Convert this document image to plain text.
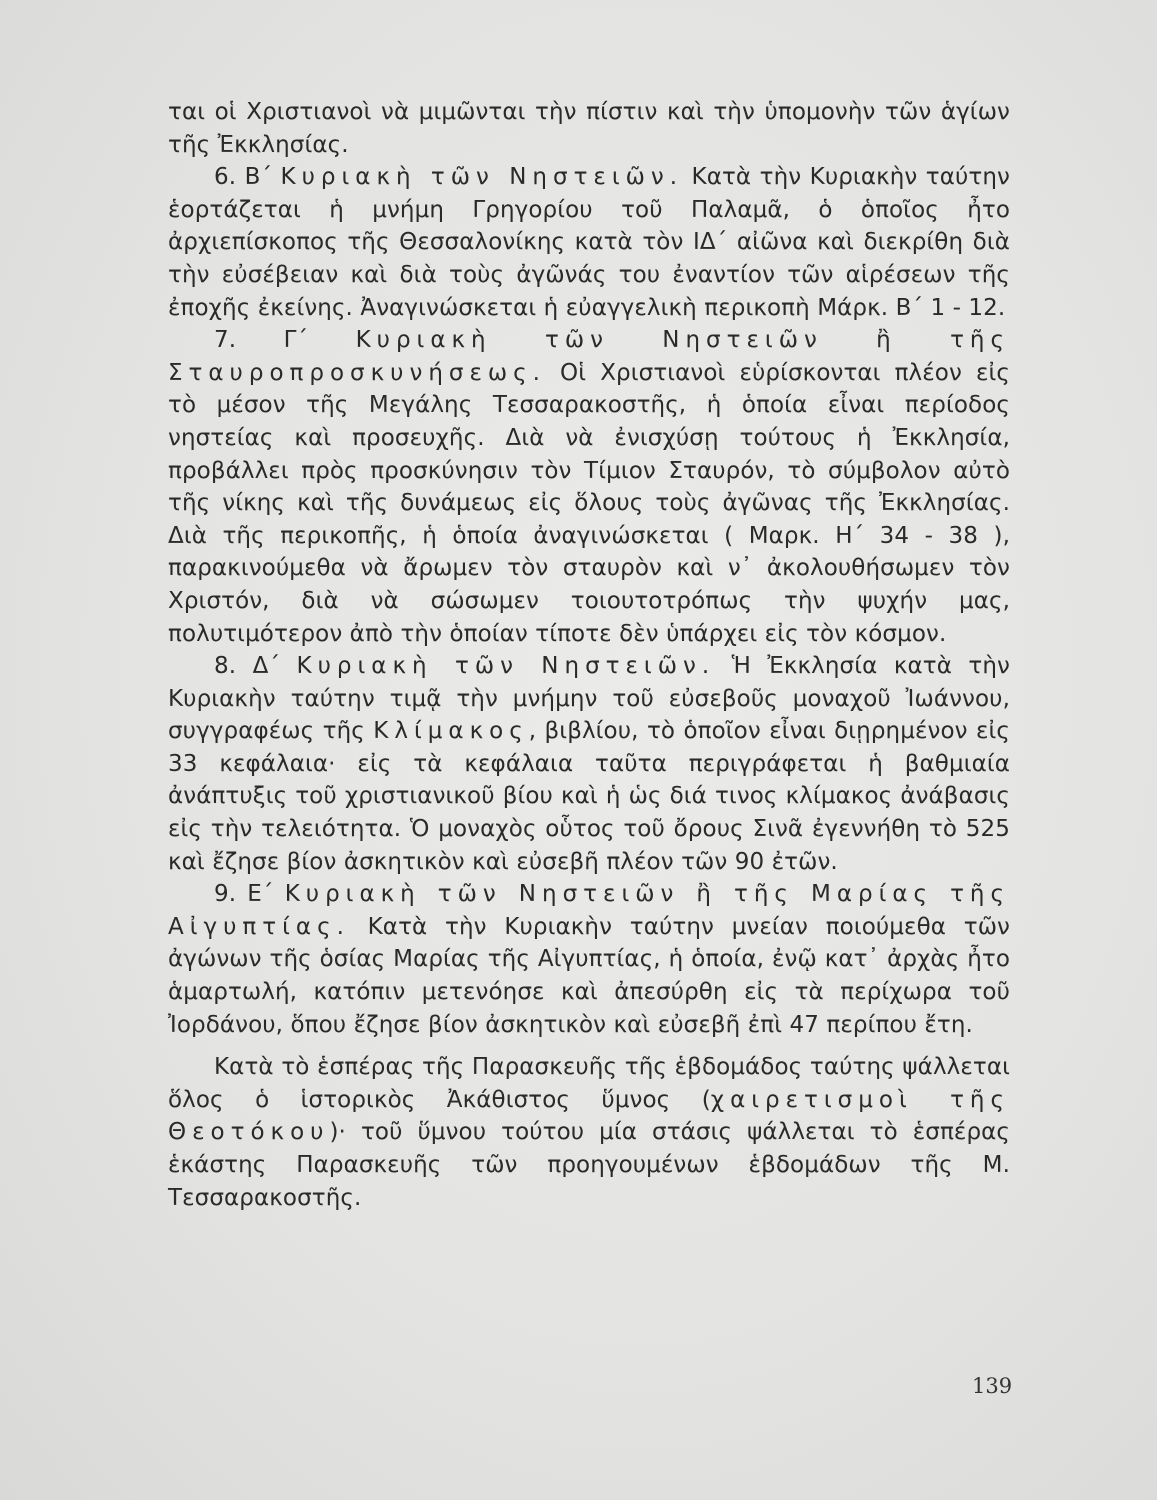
ται οἱ Χριστιανοὶ νὰ μιμῶνται τὴν πίστιν καὶ τὴν ὑπομονὴν τῶν ἁγίων τῆς Ἐκκλησίας.

6. Β΄ Κυριακὴ τῶν Νηστειῶν. Κατὰ τὴν Κυριακὴν ταύτην ἑορτάζεται ἡ μνήμη Γρηγορίου τοῦ Παλαμᾶ, ὁ ὁποῖος ἦτο ἀρχιεπίσκοπος τῆς Θεσσαλονίκης κατὰ τὸν ΙΔ΄ αἰῶνα καὶ διεκρίθη διὰ τὴν εὐσέβειαν καὶ διὰ τοὺς ἀγῶνάς του ἐναντίον τῶν αἱρέσεων τῆς ἐποχῆς ἐκείνης. Ἀναγινώσκεται ἡ εὐαγγελικὴ περικοπὴ Μάρκ. Β΄ 1 - 12.

7. Γ΄ Κυριακὴ τῶν Νηστειῶν ἢ τῆς Σταυροπροσκυνήσεως. Οἱ Χριστιανοὶ εὑρίσκονται πλέον εἰς τὸ μέσον τῆς Μεγάλης Τεσσαρακοστῆς, ἡ ὁποία εἶναι περίοδος νηστείας καὶ προσευχῆς. Διὰ νὰ ἐνισχύσῃ τούτους ἡ Ἐκκλησία, προβάλλει πρὸς προσκύνησιν τὸν Τίμιον Σταυρόν, τὸ σύμβολον αὐτὸ τῆς νίκης καὶ τῆς δυνάμεως εἰς ὅλους τοὺς ἀγῶνας τῆς Ἐκκλησίας. Διὰ τῆς περικοπῆς, ἡ ὁποία ἀναγινώσκεται ( Μαρκ. Η΄ 34 - 38 ), παρακινούμεθα νὰ ἄρωμεν τὸν σταυρὸν καὶ ν᾿ ἀκολουθήσωμεν τὸν Χριστόν, διὰ νὰ σώσωμεν τοιουτοτρόπως τὴν ψυχήν μας, πολυτιμότερον ἀπὸ τὴν ὁποίαν τίποτε δὲν ὑπάρχει εἰς τὸν κόσμον.

8. Δ΄ Κυριακὴ τῶν Νηστειῶν. Ἡ Ἐκκλησία κατὰ τὴν Κυριακὴν ταύτην τιμᾷ τὴν μνήμην τοῦ εὐσεβοῦς μοναχοῦ Ἰωάννου, συγγραφέως τῆς Κλίμακος, βιβλίου, τὸ ὁποῖον εἶναι διῃρημένον εἰς 33 κεφάλαια· εἰς τὰ κεφάλαια ταῦτα περιγράφεται ἡ βαθμιαία ἀνάπτυξις τοῦ χριστιανικοῦ βίου καὶ ἡ ὡς διά τινος κλίμακος ἀνάβασις εἰς τὴν τελειότητα. Ὁ μοναχὸς οὗτος τοῦ ὄρους Σινᾶ ἐγεννήθη τὸ 525 καὶ ἔζησε βίον ἀσκητικὸν καὶ εὐσεβῆ πλέον τῶν 90 ἐτῶν.

9. Ε΄ Κυριακὴ τῶν Νηστειῶν ἢ τῆς Μαρίας τῆς Αἰγυπτίας. Κατὰ τὴν Κυριακὴν ταύτην μνείαν ποιούμεθα τῶν ἀγώνων τῆς ὁσίας Μαρίας τῆς Αἰγυπτίας, ἡ ὁποία, ἐνῷ κατ᾿ ἀρχὰς ἦτο ἁμαρτωλή, κατόπιν μετενόησε καὶ ἀπεσύρθη εἰς τὰ περίχωρα τοῦ Ἰορδάνου, ὅπου ἔζησε βίον ἀσκητικὸν καὶ εὐσεβῆ ἐπὶ 47 περίπου ἔτη.

Κατὰ τὸ ἑσπέρας τῆς Παρασκευῆς τῆς ἑβδομάδος ταύτης ψάλλεται ὅλος ὁ ἱστορικὸς Ἀκάθιστος ὕμνος (χαιρετισμοὶ τῆς Θεοτόκου)· τοῦ ὕμνου τούτου μία στάσις ψάλλεται τὸ ἑσπέρας ἑκάστης Παρασκευῆς τῶν προηγουμένων ἑβδομάδων τῆς Μ. Τεσσαρακοστῆς.

139
